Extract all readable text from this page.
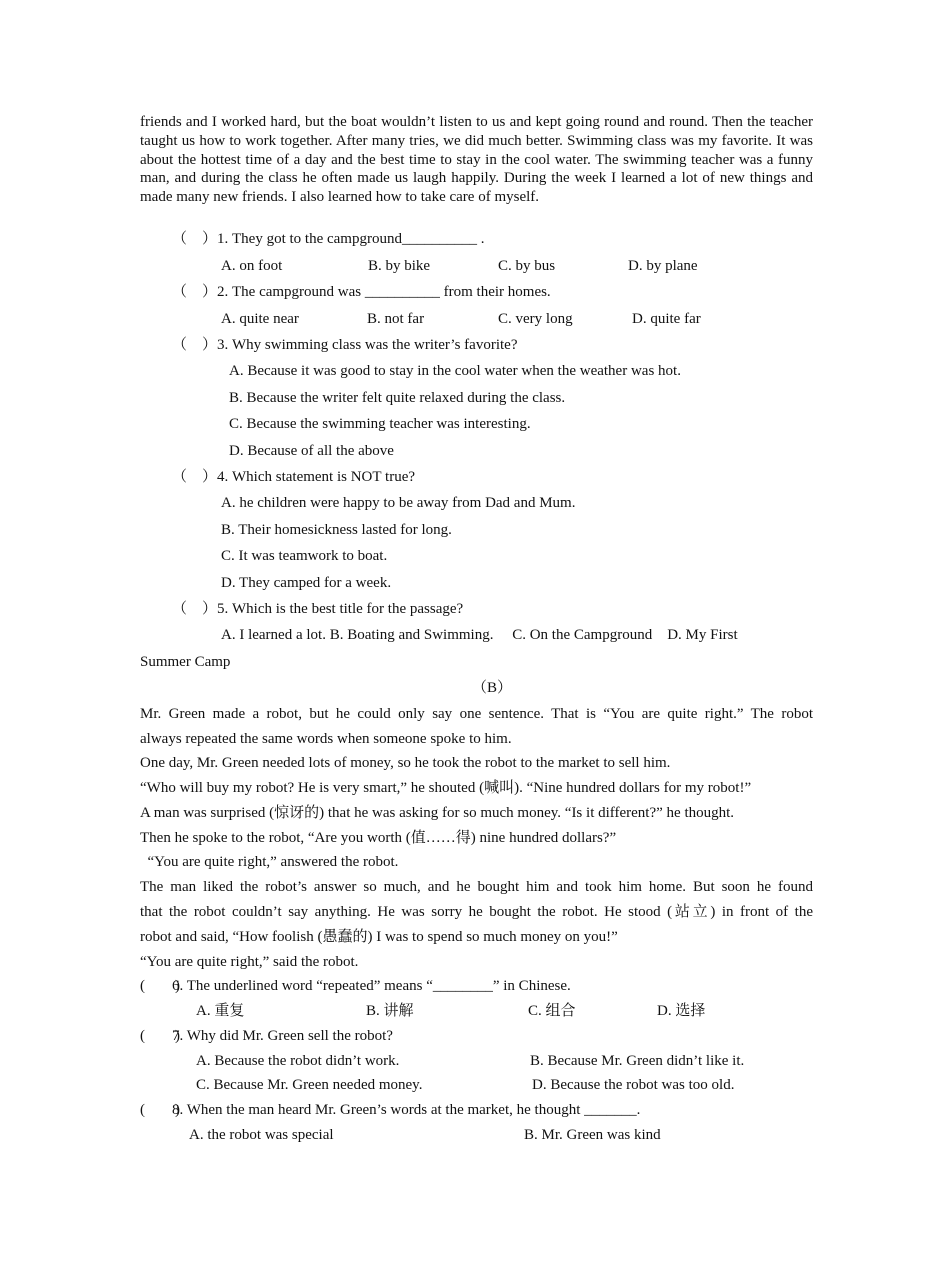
friends and I worked hard, but the boat wouldn’t listen to us and kept going round and round. Then the teacher taught us how to work together. After many tries, we did much better. Swimming class was my favorite. It was about the hottest time of a day and the best time to stay in the cool water. The swimming teacher was a funny man, and during the class he often made us laugh happily. During the week I learned a lot of new things and made many new friends. I also learned how to take care of myself.
（　）1. They got to the campground__________ .
A. on foot	B. by bike	C. by bus	D. by plane
（　）2. The campground was __________ from their homes.
A. quite near	B. not far	C. very long	D. quite far
（　）3. Why swimming class was the writer’s favorite?
A. Because it was good to stay in the cool water when the weather was hot.
B. Because the writer felt quite relaxed during the class.
C. Because the swimming teacher was interesting.
D. Because of all the above
（　）4. Which statement is NOT true?
A. he children were happy to be away from Dad and Mum.
B. Their homesickness lasted for long.
C. It was teamwork to boat.
D. They camped for a week.
（　）5. Which is the best title for the passage?
A. I learned a lot. B. Boating and Swimming.　 C. On the Campground　D. My First
Summer Camp
（B）
Mr. Green made a robot, but he could only say one sentence. That is “You are quite right.” The robot
always repeated the same words when someone spoke to him.
One day, Mr. Green needed lots of money, so he took the robot to the market to sell him.
“Who will buy my robot? He is very smart,” he shouted (喊叫). “Nine hundred dollars for my robot!”
A man was surprised (惊讶的) that he was asking for so much money. “Is it different?” he thought.
Then he spoke to the robot, “Are you worth (值……得) nine hundred dollars?”
“You are quite right,” answered the robot.
The man liked the robot’s answer so much, and he bought him and took him home. But soon he found
that the robot couldn’t say anything. He was sorry he bought the robot. He stood (站立) in front of the
robot and said, “How foolish (愚蠢的) I was to spend so much money on you!”
“You are quite right,” said the robot.
(　　)
6. The underlined word “repeated” means “________” in Chinese.
A. 重复	B. 讲解	C. 组合	D. 选择
(　　)
7. Why did Mr. Green sell the robot?
A. Because the robot didn’t work.	B. Because Mr. Green didn’t like it.
C. Because Mr. Green needed money.	D. Because the robot was too old.
(　　)
8. When the man heard Mr. Green’s words at the market, he thought _______.
A. the robot was special	B. Mr. Green was kind
